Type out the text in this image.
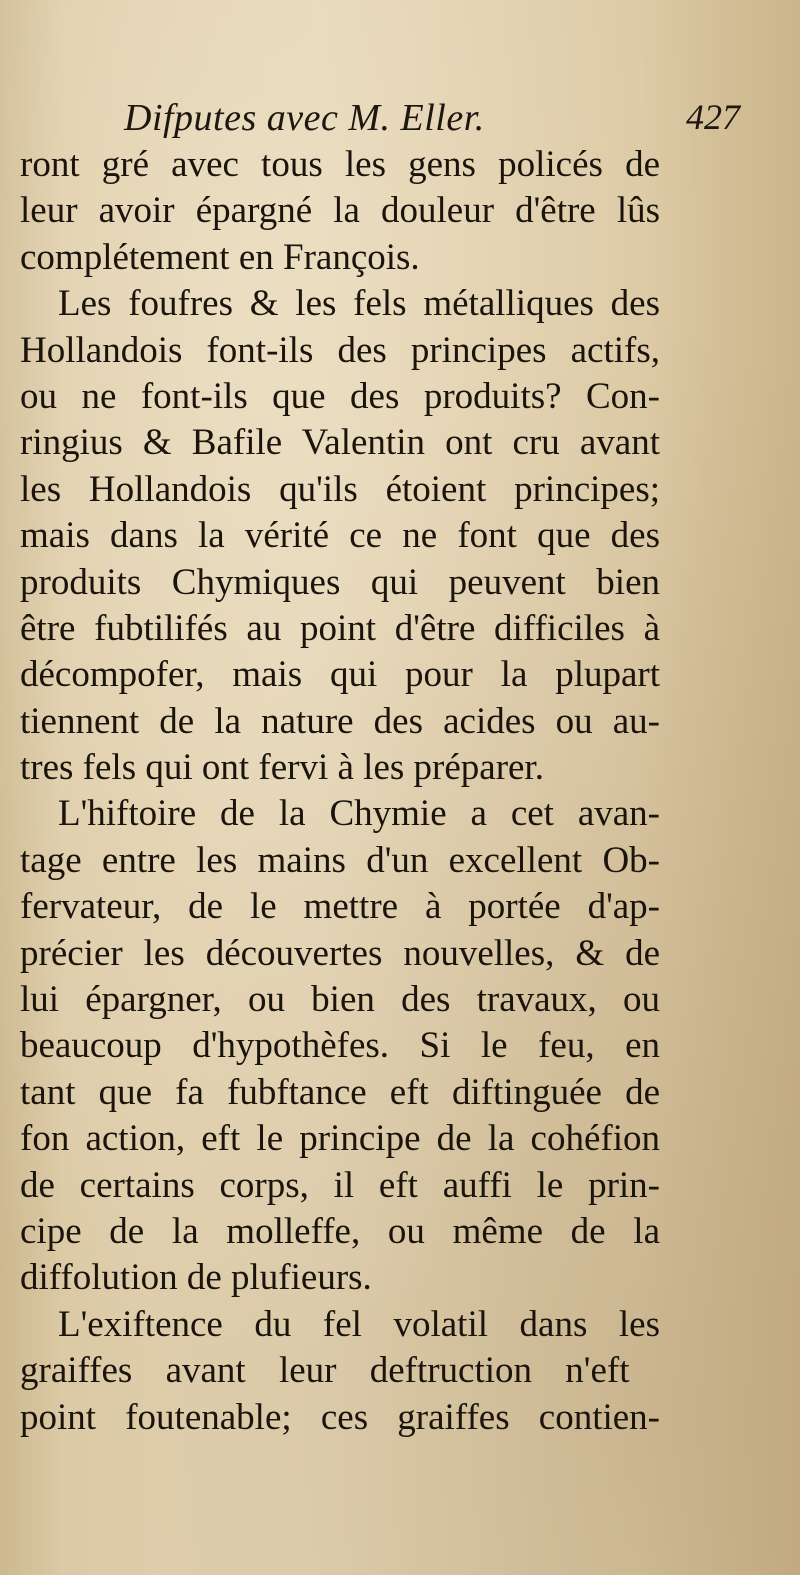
Difputes avec M. Eller.	427
ront gré avec tous les gens policés de
leur avoir épargné la douleur d'être lûs
complétement en François.
Les foufres & les fels métalliques des
Hollandois font-ils des principes actifs,
ou ne font-ils que des produits? Con-
ringius & Bafile Valentin ont cru avant
les Hollandois qu'ils étoient principes;
mais dans la vérité ce ne font que des
produits Chymiques qui peuvent bien
être fubtilifés au point d'être difficiles à
décompofer, mais qui pour la plupart
tiennent de la nature des acides ou au-
tres fels qui ont fervi à les préparer.
L'hiftoire de la Chymie a cet avan-
tage entre les mains d'un excellent Ob-
fervateur, de le mettre à portée d'ap-
précier les découvertes nouvelles, & de
lui épargner, ou bien des travaux, ou
beaucoup d'hypothèfes. Si le feu, en
tant que fa fubftance eft diftinguée de
fon action, eft le principe de la cohéfion
de certains corps, il eft auffi le prin-
cipe de la molleffe, ou même de la
diffolution de plufieurs.
L'exiftence du fel volatil dans les
graiffes avant leur deftruction n'eft
point foutenable; ces graiffes contien-
